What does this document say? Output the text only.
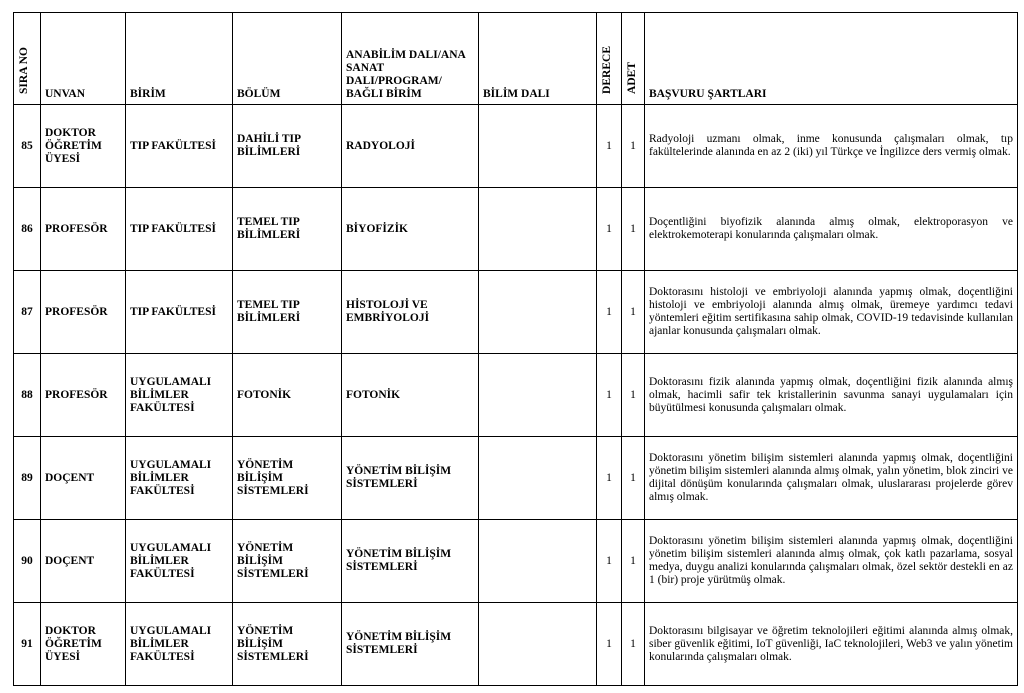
SIRA NO	UNVAN	BİRİM	BÖLÜM	ANABİLİM DALI/ANA SANAT DALI/PROGRAM/ BAĞLI BİRİM	BİLİM DALI	DERECE	ADET	BAŞVURU ŞARTLARI
85	DOKTOR ÖĞRETİM ÜYESİ	TIP FAKÜLTESİ	DAHİLİ TIP BİLİMLERİ	RADYOLOJİ		1	1	Radyoloji uzmanı olmak, inme konusunda çalışmaları olmak, tıp fakültelerinde alanında en az 2 (iki) yıl Türkçe ve İngilizce ders vermiş olmak.
86	PROFESÖR	TIP FAKÜLTESİ	TEMEL TIP BİLİMLERİ	BİYOFİZİK		1	1	Doçentliğini biyofizik alanında almış olmak, elektroporasyon ve elektrokemoterapi konularında çalışmaları olmak.
87	PROFESÖR	TIP FAKÜLTESİ	TEMEL TIP BİLİMLERİ	HİSTOLOJİ VE EMBRİYOLOJİ		1	1	Doktorasını histoloji ve embriyoloji alanında yapmış olmak, doçentliğini histoloji ve embriyoloji alanında almış olmak, üremeye yardımcı tedavi yöntemleri eğitim sertifikasına sahip olmak, COVID-19 tedavisinde kullanılan ajanlar konusunda çalışmaları olmak.
88	PROFESÖR	UYGULAMALI BİLİMLER FAKÜLTESİ	FOTONİK	FOTONİK		1	1	Doktorasını fizik alanında yapmış olmak, doçentliğini fizik alanında almış olmak, hacimli safir tek kristallerinin savunma sanayi uygulamaları için büyütülmesi konusunda çalışmaları olmak.
89	DOÇENT	UYGULAMALI BİLİMLER FAKÜLTESİ	YÖNETİM BİLİŞİM SİSTEMLERİ	YÖNETİM BİLİŞİM SİSTEMLERİ		1	1	Doktorasını yönetim bilişim sistemleri alanında yapmış olmak, doçentliğini yönetim bilişim sistemleri alanında almış olmak, yalın yönetim, blok zinciri ve dijital dönüşüm konularında çalışmaları olmak, uluslararası projelerde görev almış olmak.
90	DOÇENT	UYGULAMALI BİLİMLER FAKÜLTESİ	YÖNETİM BİLİŞİM SİSTEMLERİ	YÖNETİM BİLİŞİM SİSTEMLERİ		1	1	Doktorasını yönetim bilişim sistemleri alanında yapmış olmak, doçentliğini yönetim bilişim sistemleri alanında almış olmak, çok katlı pazarlama, sosyal medya, duygu analizi konularında çalışmaları olmak, özel sektör destekli en az 1 (bir) proje yürütmüş olmak.
91	DOKTOR ÖĞRETİM ÜYESİ	UYGULAMALI BİLİMLER FAKÜLTESİ	YÖNETİM BİLİŞİM SİSTEMLERİ	YÖNETİM BİLİŞİM SİSTEMLERİ		1	1	Doktorasını bilgisayar ve öğretim teknolojileri eğitimi alanında almış olmak, siber güvenlik eğitimi, IoT güvenliği, IaC teknolojileri, Web3 ve yalın yönetim konularında çalışmaları olmak.
